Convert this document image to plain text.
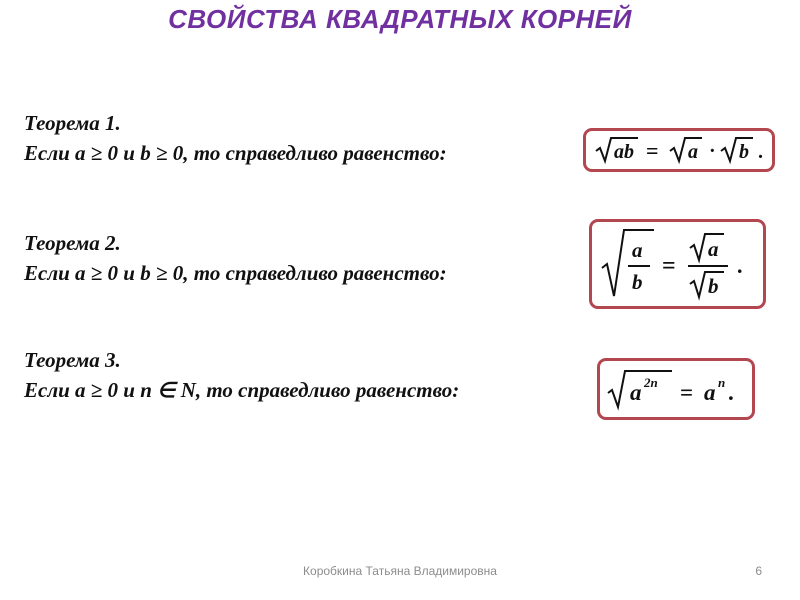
СВОЙСТВА КВАДРАТНЫХ КОРНЕЙ
Теорема 1.
Если a ≥ 0 и b ≥ 0, то справедливо равенство:	ab = a · b .
Теорема 2.
Если a ≥ 0 и b ≥ 0, то справедливо равенство:
a
b
=
a
b
.
Теорема 3.
Если a ≥ 0 и n ∈ N, то справедливо равенство:	a 2n = a n .
Коробкина Татьяна Владимировна	6
